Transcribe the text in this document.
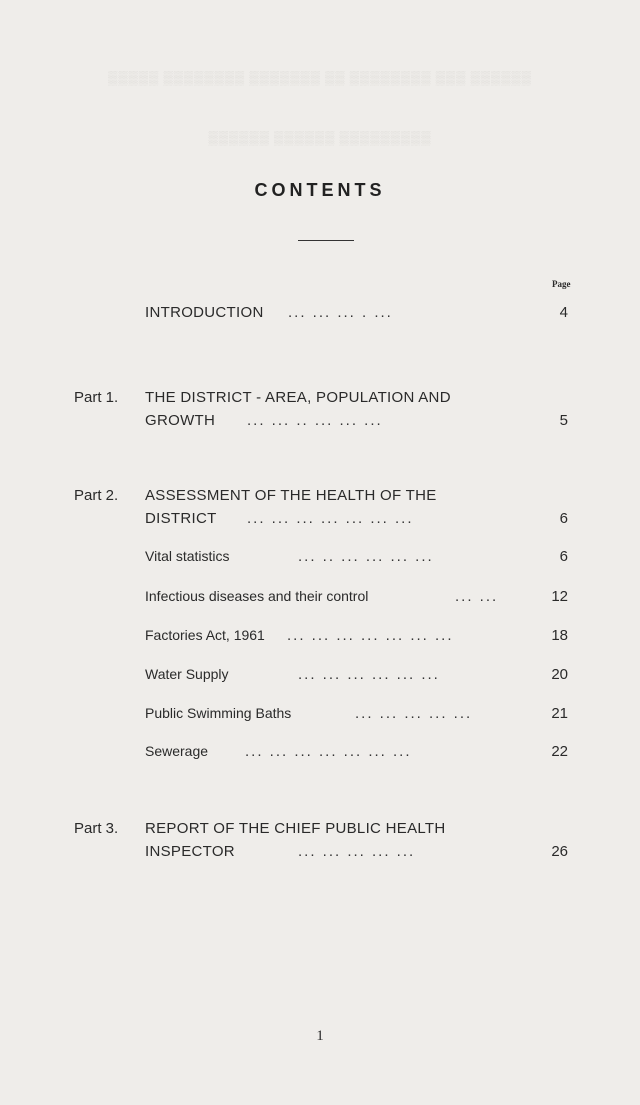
▒▒▒▒▒ ▒▒▒▒▒▒▒▒ ▒▒▒▒▒▒▒ ▒▒ ▒▒▒▒▒▒▒▒ ▒▒▒ ▒▒▒▒▒▒
▒▒▒▒▒▒ ▒▒▒▒▒▒ ▒▒▒▒▒▒▒▒▒
CONTENTS
Page
INTRODUCTION ... ... ... . ...	4
Part 1. THE DISTRICT - AREA, POPULATION AND
GROWTH ... ... .. ... ... ...	5
Part 2. ASSESSMENT OF THE HEALTH OF THE
DISTRICT ... ... ... ... ... ... ...	6
Vital statistics	... .. ... ... ... ...	6
Infectious diseases and their control	... ...	12
Factories Act, 1961 ... ... ... ... ... ... ...	18
Water Supply	... ... ... ... ... ...	20
Public Swimming Baths	... ... ... ... ...	21
Sewerage ... ... ... ... ... ... ...	22
Part 3. REPORT OF THE CHIEF PUBLIC HEALTH
INSPECTOR	... ... ... ... ...	26
1
